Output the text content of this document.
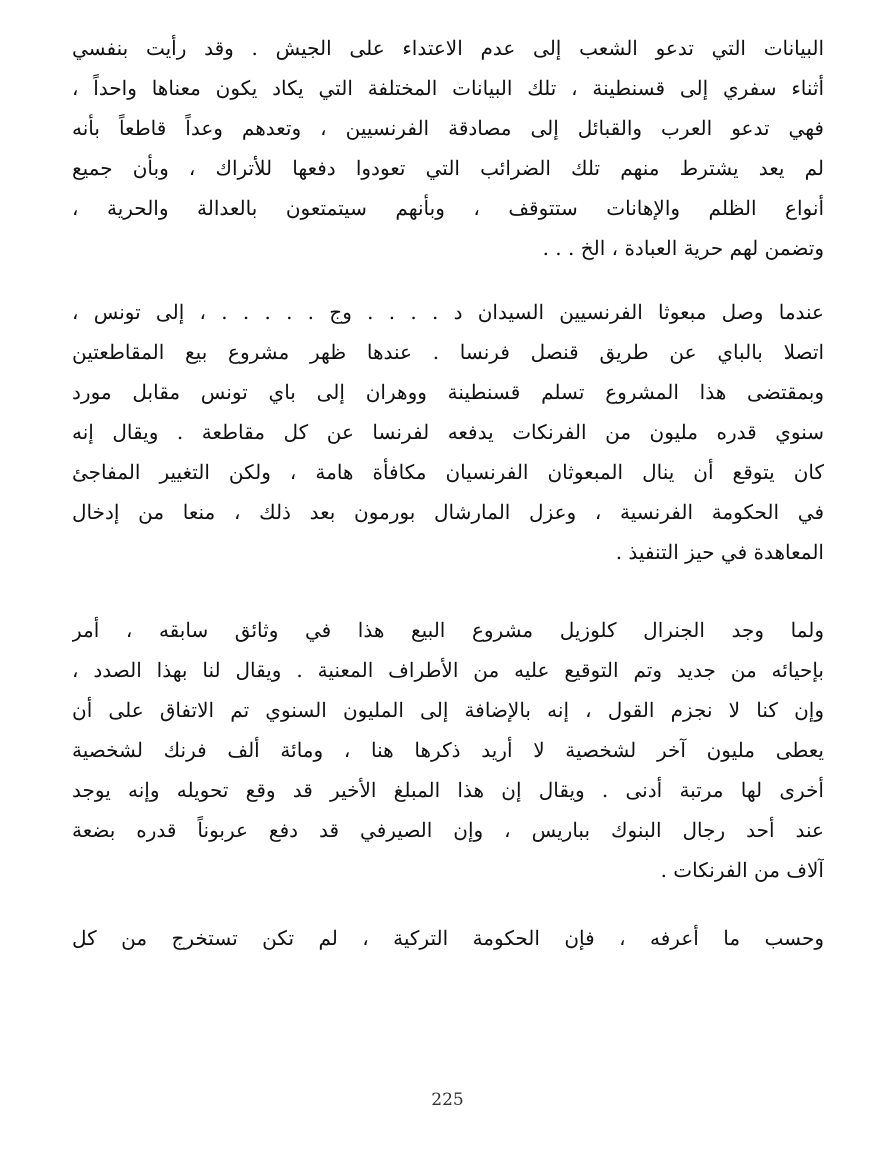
البيانات التي تدعو الشعب إلى عدم الاعتداء على الجيش . وقد رأيت بنفسي
أثناء سفري إلى قسنطينة ، تلك البيانات المختلفة التي يكاد يكون معناها واحداً ،
فهي تدعو العرب والقبائل إلى مصادقة الفرنسيين ، وتعدهم وعداً قاطعاً بأنه
لم يعد يشترط منهم تلك الضرائب التي تعودوا دفعها للأتراك ، وبأن جميع
أنواع الظلم والإهانات ستتوقف ، وبأنهم سيتمتعون بالعدالة والحرية ،
وتضمن لهم حرية العبادة ، الخ . . .
عندما وصل مبعوثا الفرنسيين السيدان د . . . . وج . . . . . ، إلى تونس ،
اتصلا بالباي عن طريق قنصل فرنسا . عندها ظهر مشروع بيع المقاطعتين
وبمقتضى هذا المشروع تسلم قسنطينة ووهران إلى باي تونس مقابل مورد
سنوي قدره مليون من الفرنكات يدفعه لفرنسا عن كل مقاطعة . ويقال إنه
كان يتوقع أن ينال المبعوثان الفرنسيان مكافأة هامة ، ولكن التغيير المفاجئ
في الحكومة الفرنسية ، وعزل المارشال بورمون بعد ذلك ، منعا من إدخال
المعاهدة في حيز التنفيذ .
ولما وجد الجنرال كلوزيل مشروع البيع هذا في وثائق سابقه ، أمر
بإحيائه من جديد وتم التوقيع عليه من الأطراف المعنية . ويقال لنا بهذا الصدد ،
وإن كنا لا نجزم القول ، إنه بالإضافة إلى المليون السنوي تم الاتفاق على أن
يعطى مليون آخر لشخصية لا أريد ذكرها هنا ، ومائة ألف فرنك لشخصية
أخرى لها مرتبة أدنى . ويقال إن هذا المبلغ الأخير قد وقع تحويله وإنه يوجد
عند أحد رجال البنوك بباريس ، وإن الصيرفي قد دفع عربوناً قدره بضعة
آلاف من الفرنكات .
وحسب ما أعرفه ، فإن الحكومة التركية ، لم تكن تستخرج من كل
225
